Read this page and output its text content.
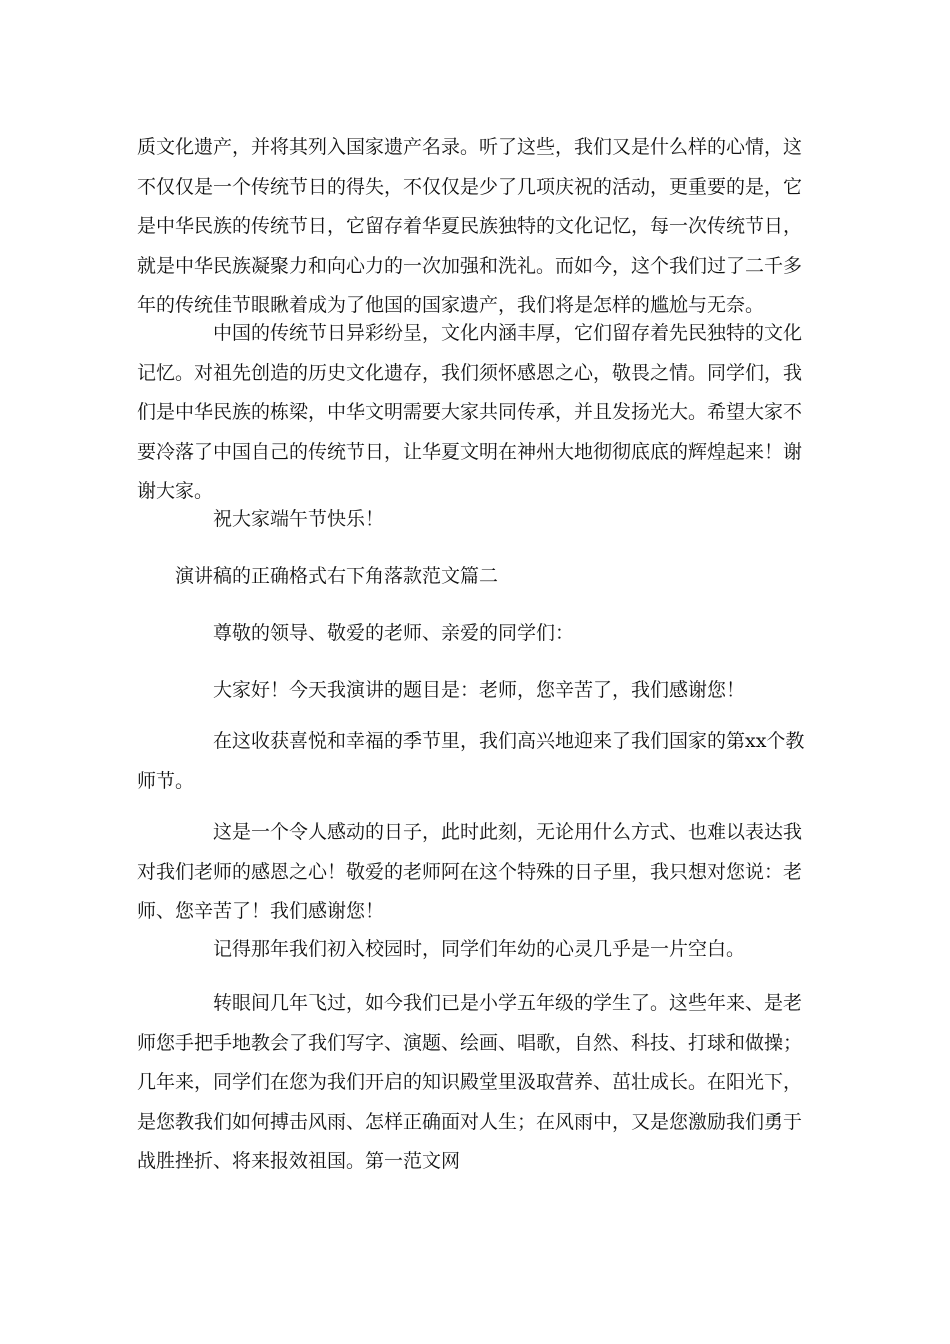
质文化遗产，并将其列入国家遗产名录。听了这些，我们又是什么样的心情，这
不仅仅是一个传统节日的得失，不仅仅是少了几项庆祝的活动，更重要的是，它
是中华民族的传统节日，它留存着华夏民族独特的文化记忆，每一次传统节日，
就是中华民族凝聚力和向心力的一次加强和洗礼。而如今，这个我们过了二千多
年的传统佳节眼瞅着成为了他国的国家遗产，我们将是怎样的尴尬与无奈。
中国的传统节日异彩纷呈，文化内涵丰厚，它们留存着先民独特的文化
记忆。对祖先创造的历史文化遗存，我们须怀感恩之心，敬畏之情。同学们，我
们是中华民族的栋梁，中华文明需要大家共同传承，并且发扬光大。希望大家不
要冷落了中国自己的传统节日，让华夏文明在神州大地彻彻底底的辉煌起来！谢
谢大家。
祝大家端午节快乐！
演讲稿的正确格式右下角落款范文篇二
尊敬的领导、敬爱的老师、亲爱的同学们：
大家好！今天我演讲的题目是：老师，您辛苦了，我们感谢您！
在这收获喜悦和幸福的季节里，我们高兴地迎来了我们国家的第xx个教
师节。
这是一个令人感动的日子，此时此刻，无论用什么方式、也难以表达我
对我们老师的感恩之心！敬爱的老师阿在这个特殊的日子里，我只想对您说：老
师、您辛苦了！我们感谢您！
记得那年我们初入校园时，同学们年幼的心灵几乎是一片空白。
转眼间几年飞过，如今我们已是小学五年级的学生了。这些年来、是老
师您手把手地教会了我们写字、演题、绘画、唱歌，自然、科技、打球和做操；
几年来，同学们在您为我们开启的知识殿堂里汲取营养、茁壮成长。在阳光下，
是您教我们如何搏击风雨、怎样正确面对人生；在风雨中，又是您激励我们勇于
战胜挫折、将来报效祖国。第一范文网
